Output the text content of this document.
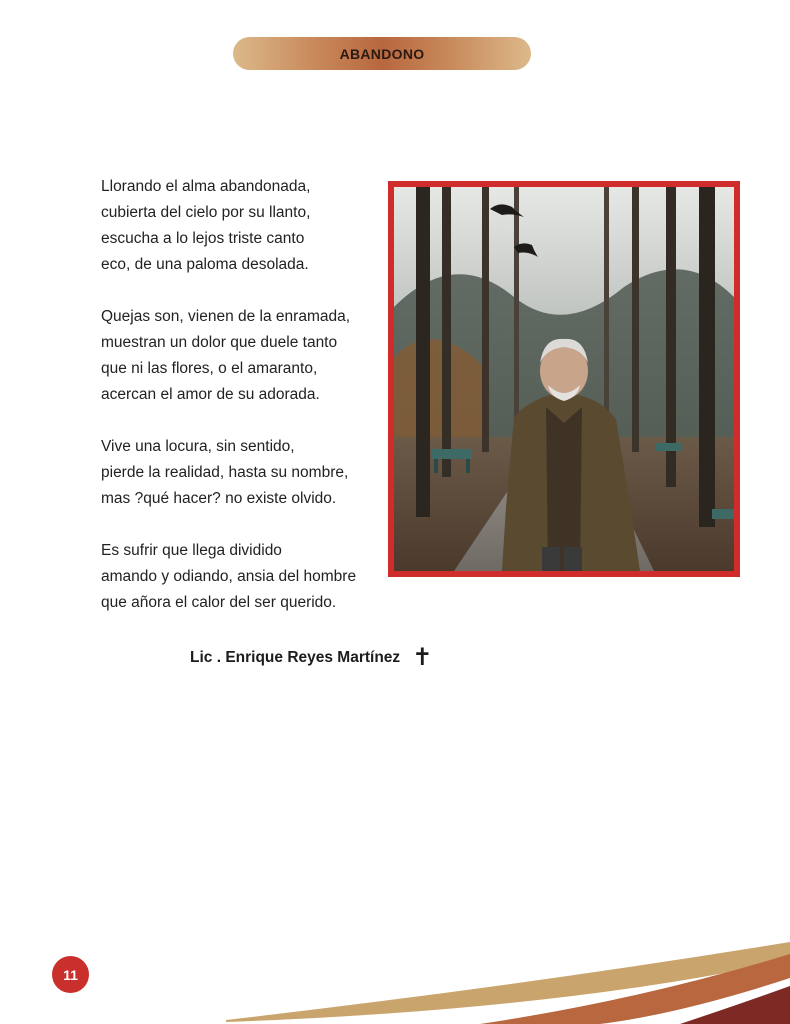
ABANDONO
Llorando el alma abandonada,
cubierta del cielo por su llanto,
escucha a lo lejos triste canto
eco, de una paloma desolada.
Quejas son, vienen de la enramada,
muestran un dolor que duele tanto
que ni las flores, o el amaranto,
acercan el amor de su adorada.
Vive una locura, sin sentido,
pierde la realidad, hasta su nombre,
mas ?qué hacer? no existe olvido.
Es sufrir que llega dividido
amando y odiando, ansia del hombre
que añora el calor del ser querido.
Lic . Enrique Reyes Martínez ✝
11
